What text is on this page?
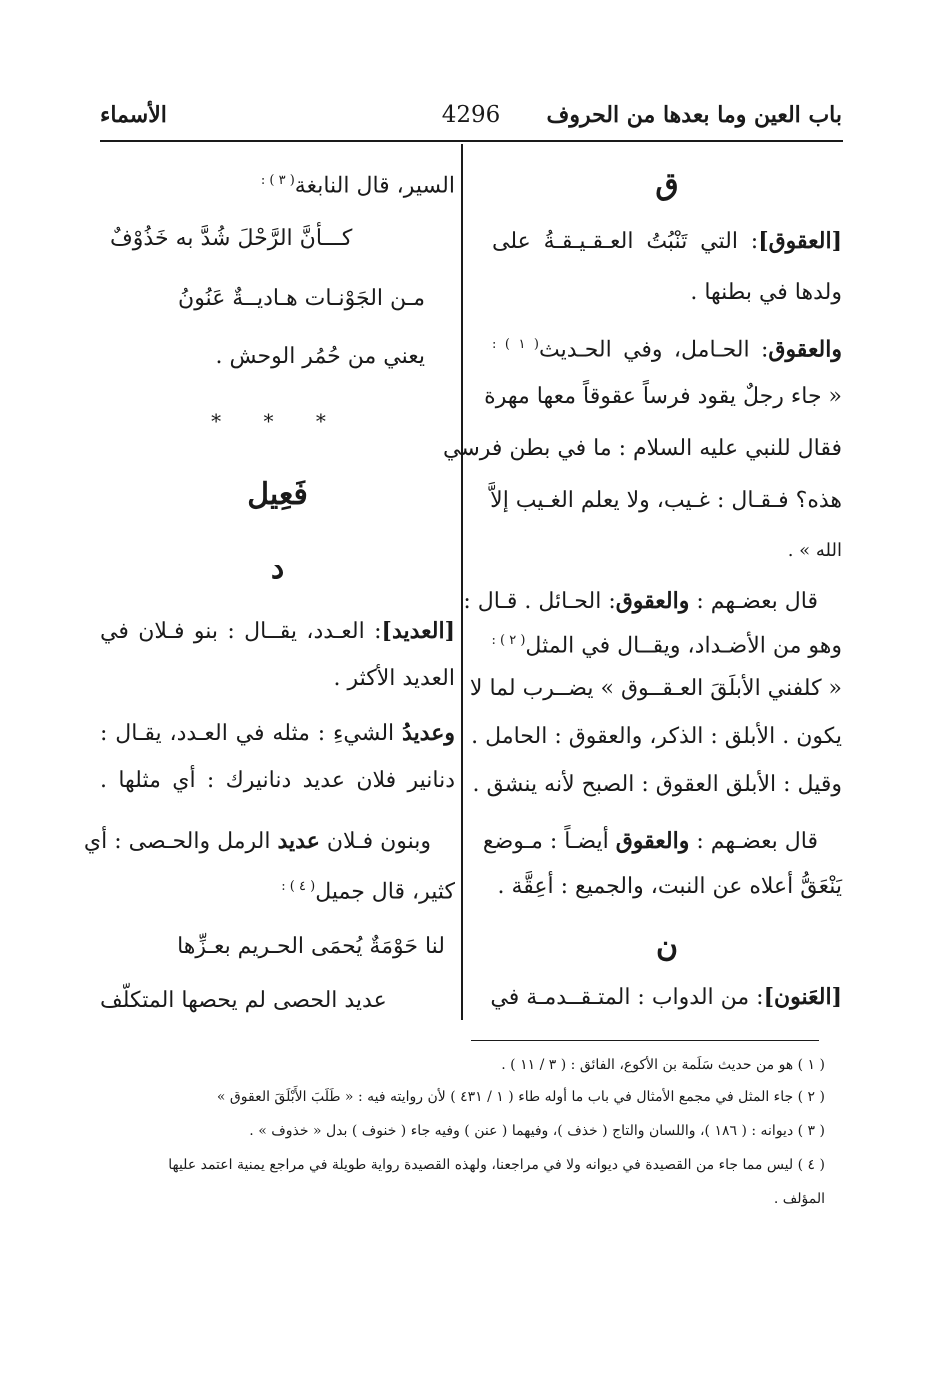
باب العين وما بعدها من الحروف
4296
الأسماء
ق
[العقوق]: التي تَنْبُتُ العـقـيـقـةُ على
ولدها في بطنها .
والعقوق: الحـامل، وفي الحـديث$^{( ١ ) :}$
« جاء رجلٌ يقود فرساً عقوقاً معها مهرة
فقال للنبي عليه السلام : ما في بطن فرسي
هذه؟ فـقـال : غـيب، ولا يعلم الغـيب إلاَّ
الله » .
قال بعضـهم : والعقوق: الحـائل . قـال :
وهو من الأضـداد، ويقــال في المثل$^{( ٢ ) :}$
« كلفني الأبلَقَ العـقــوق » يضــرب لما لا
يكون . الأبلق : الذكر، والعقوق : الحامل .
وقيل : الأبلق العقوق : الصبح لأنه ينشق .
قال بعضـهم : والعقوق أيضـاً : مـوضع
يَنْعَقُّ أعلاه عن النبت، والجميع : أعِقَّة .
ن
[العَنون]: من الدواب : المتـقــدمـة في
السير، قال النابغة$^{( ٣ ) :}$
كـــأنَّ الرَّحْلَ شُدَّ به خَذُوْفٌ
مـن الجَوْنـات هـاديــةٌ عَنُونُ
يعني من حُمُر الوحش .
* * *
فَعِيل
د
[العديد]: العـدد، يقــال : بنو فـلان في
العديد الأكثر .
وعديدُ الشيءِ : مثله في العـدد، يقـال :
دنانير فلان عديد دنانيرك : أي مثلها .
وبنون فـلان عديد الرمل والحـصى : أي
كثير، قال جميل$^{( ٤ ) :}$
لنا حَوْمَةٌ يُحمَى الحـريم بعـزِّها
عديد الحصى لم يحصها المتكلّف
( ١ ) هو من حديث سَلَمة بن الأكوع، الفائق : ( ٣ / ١١ ) .
( ٢ ) جاء المثل في مجمع الأمثال في باب ما أوله طاء ( ١ / ٤٣١ ) لأن روايته فيه : « طَلَبَ الأَبْلَقَ العقوق »
( ٣ ) ديوانه : ( ١٨٦ )، واللسان والتاج ( خذف )، وفيهما ( عنن ) وفيه جاء ( خنوف ) بدل « خذوف » .
( ٤ ) ليس مما جاء من القصيدة في ديوانه ولا في مراجعنا، ولهذه القصيدة رواية طويلة في مراجع يمنية اعتمد عليها
المؤلف .
